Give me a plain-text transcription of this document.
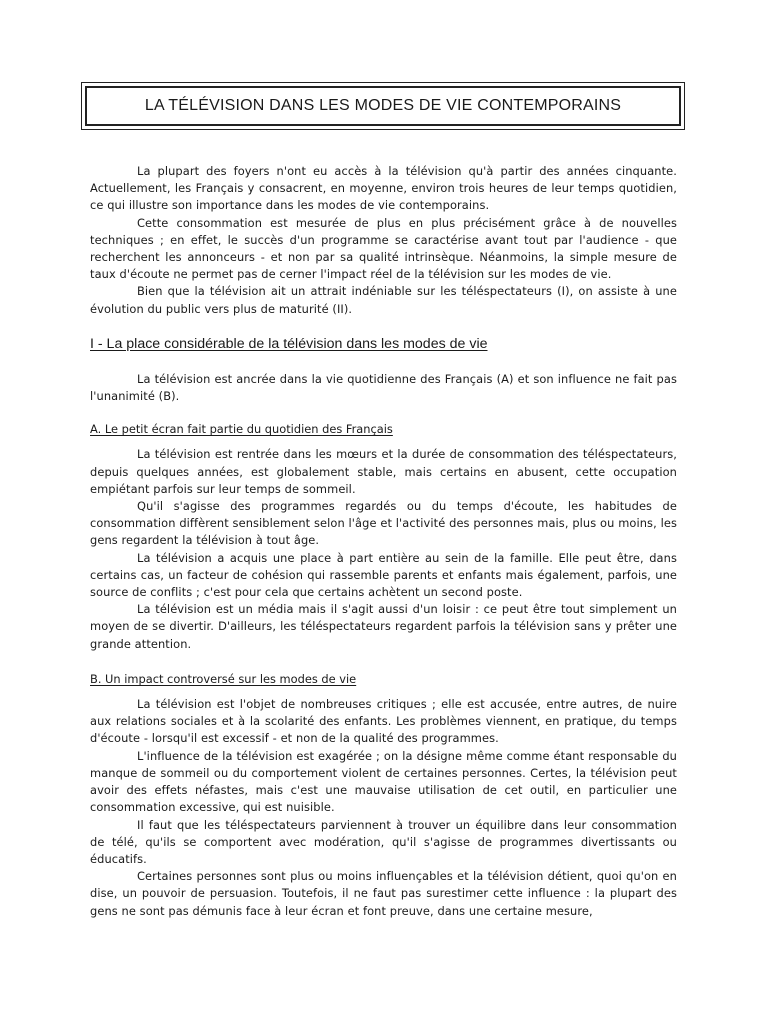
LA TÉLÉVISION DANS LES MODES DE VIE CONTEMPORAINS

La plupart des foyers n'ont eu accès à la télévision qu'à partir des années cinquante. Actuellement, les Français y consacrent, en moyenne, environ trois heures de leur temps quotidien, ce qui illustre son importance dans les modes de vie contemporains.

Cette consommation est mesurée de plus en plus précisément grâce à de nouvelles techniques ; en effet, le succès d'un programme se caractérise avant tout par l'audience - que recherchent les annonceurs - et non par sa qualité intrinsèque. Néanmoins, la simple mesure de taux d'écoute ne permet pas de cerner l'impact réel de la télévision sur les modes de vie.

Bien que la télévision ait un attrait indéniable sur les téléspectateurs (I), on assiste à une évolution du public vers plus de maturité (II).

I - La place considérable de la télévision dans les modes de vie

La télévision est ancrée dans la vie quotidienne des Français (A) et son influence ne fait pas l'unanimité (B).

A. Le petit écran fait partie du quotidien des Français

La télévision est rentrée dans les mœurs et la durée de consommation des téléspectateurs, depuis quelques années, est globalement stable, mais certains en abusent, cette occupation empiétant parfois sur leur temps de sommeil.

Qu'il s'agisse des programmes regardés ou du temps d'écoute, les habitudes de consommation diffèrent sensiblement selon l'âge et l'activité des personnes mais, plus ou moins, les gens regardent la télévision à tout âge.

La télévision a acquis une place à part entière au sein de la famille. Elle peut être, dans certains cas, un facteur de cohésion qui rassemble parents et enfants mais également, parfois, une source de conflits ; c'est pour cela que certains achètent un second poste.

La télévision est un média mais il s'agit aussi d'un loisir : ce peut être tout simplement un moyen de se divertir. D'ailleurs, les téléspectateurs regardent parfois la télévision sans y prêter une grande attention.

B. Un impact controversé sur les modes de vie

La télévision est l'objet de nombreuses critiques ; elle est accusée, entre autres, de nuire aux relations sociales et à la scolarité des enfants. Les problèmes viennent, en pratique, du temps d'écoute - lorsqu'il est excessif - et non de la qualité des programmes.

L'influence de la télévision est exagérée ; on la désigne même comme étant responsable du manque de sommeil ou du comportement violent de certaines personnes. Certes, la télévision peut avoir des effets néfastes, mais c'est une mauvaise utilisation de cet outil, en particulier une consommation excessive, qui est nuisible.

Il faut que les téléspectateurs parviennent à trouver un équilibre dans leur consommation de télé, qu'ils se comportent avec modération, qu'il s'agisse de programmes divertissants ou éducatifs.

Certaines personnes sont plus ou moins influençables et la télévision détient, quoi qu'on en dise, un pouvoir de persuasion. Toutefois, il ne faut pas surestimer cette influence : la plupart des gens ne sont pas démunis face à leur écran et font preuve, dans une certaine mesure,
